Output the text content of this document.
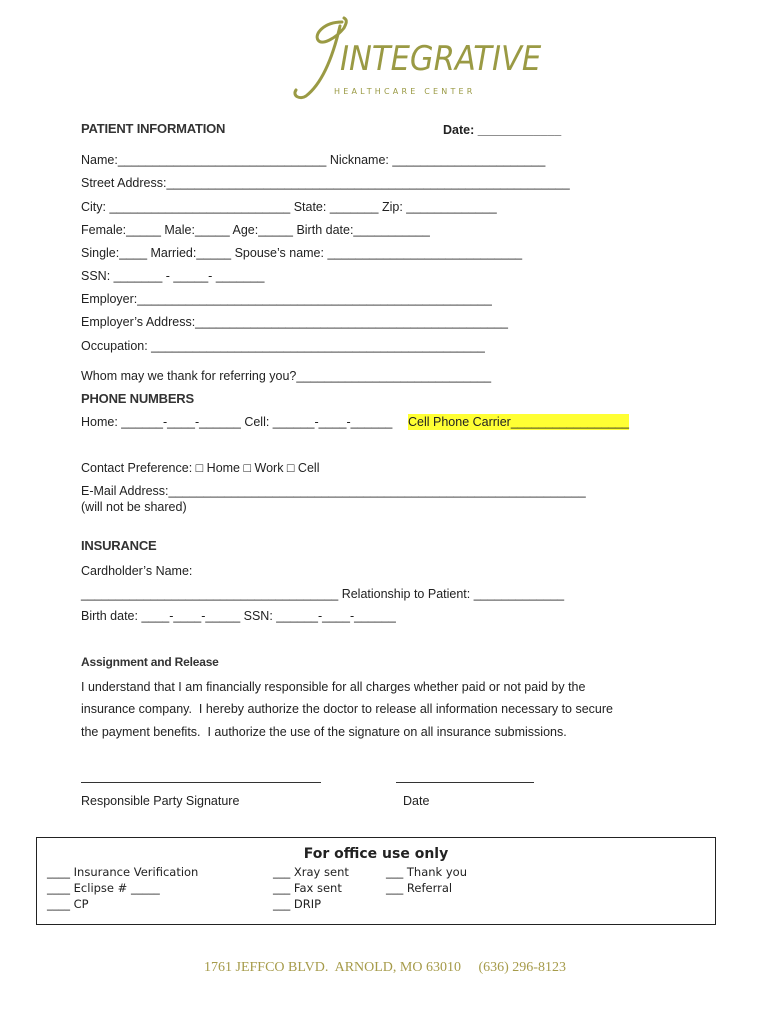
INTEGRATIVE
HEALTHCARE CENTER
PATIENT INFORMATION	Date: ____________
Name:______________________________ Nickname: ______________________
Street Address:__________________________________________________________
City: __________________________ State: _______ Zip: _____________
Female:_____ Male:_____ Age:_____ Birth date:___________
Single:____ Married:_____ Spouse’s name: ____________________________
SSN: _______ - _____- _______
Employer:___________________________________________________
Employer’s Address:_____________________________________________
Occupation: ________________________________________________
Whom may we thank for referring you?____________________________
PHONE NUMBERS
Home: ______-____-______ Cell: ______-____-______ Cell Phone Carrier_________________
Contact Preference: □ Home □ Work □ Cell
E-Mail Address:____________________________________________________________
(will not be shared)
INSURANCE
Cardholder’s Name:
_____________________________________ Relationship to Patient: _____________
Birth date: ____-____-_____ SSN: ______-____-______
Assignment and Release
I understand that I am financially responsible for all charges whether paid or not paid by the
insurance company.  I hereby authorize the doctor to release all information necessary to secure
the payment benefits.  I authorize the use of the signature on all insurance submissions.
Responsible Party Signature	Date
For office use only
____ Insurance Verification
____ Eclipse # _____
____ CP
___ Xray sent
___ Fax sent
___ DRIP
___ Thank you
___ Referral
1761 JEFFCO BLVD.  ARNOLD, MO 63010     (636) 296-8123
